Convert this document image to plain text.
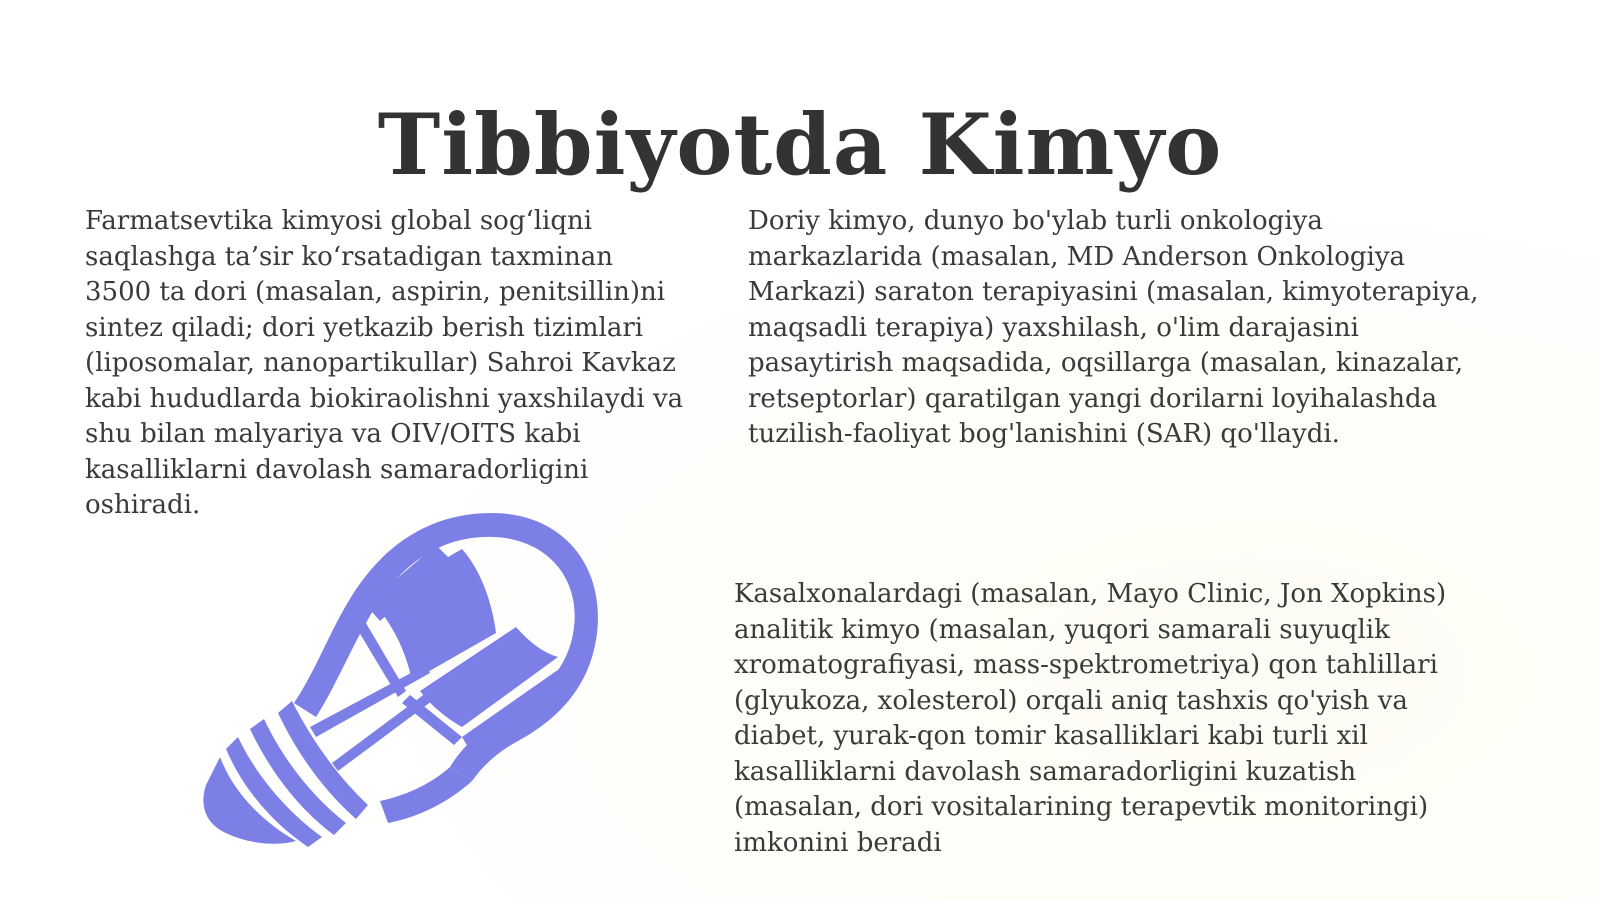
Tibbiyotda Kimyo

Farmatsevtika kimyosi global sog‘liqni saqlashga ta’sir ko‘rsatadigan taxminan 3500 ta dori (masalan, aspirin, penitsillin)ni sintez qiladi; dori yetkazib berish tizimlari (liposomalar, nanopartikullar) Sahroi Kavkaz kabi hududlarda biokiraolishni yaxshilaydi va shu bilan malyariya va OIV/OITS kabi kasalliklarni davolash samaradorligini oshiradi.

Doriy kimyo, dunyo bo'ylab turli onkologiya markazlarida (masalan, MD Anderson Onkologiya Markazi) saraton terapiyasini (masalan, kimyoterapiya, maqsadli terapiya) yaxshilash, o'lim darajasini pasaytirish maqsadida, oqsillarga (masalan, kinazalar, retseptorlar) qaratilgan yangi dorilarni loyihalashda tuzilish-faoliyat bog'lanishini (SAR) qo'llaydi.

Kasalxonalardagi (masalan, Mayo Clinic, Jon Xopkins) analitik kimyo (masalan, yuqori samarali suyuqlik xromatografiyasi, mass-spektrometriya) qon tahlillari (glyukoza, xolesterol) orqali aniq tashxis qo'yish va diabet, yurak-qon tomir kasalliklari kabi turli xil kasalliklarni davolash samaradorligini kuzatish (masalan, dori vositalarining terapevtik monitoringi) imkonini beradi
